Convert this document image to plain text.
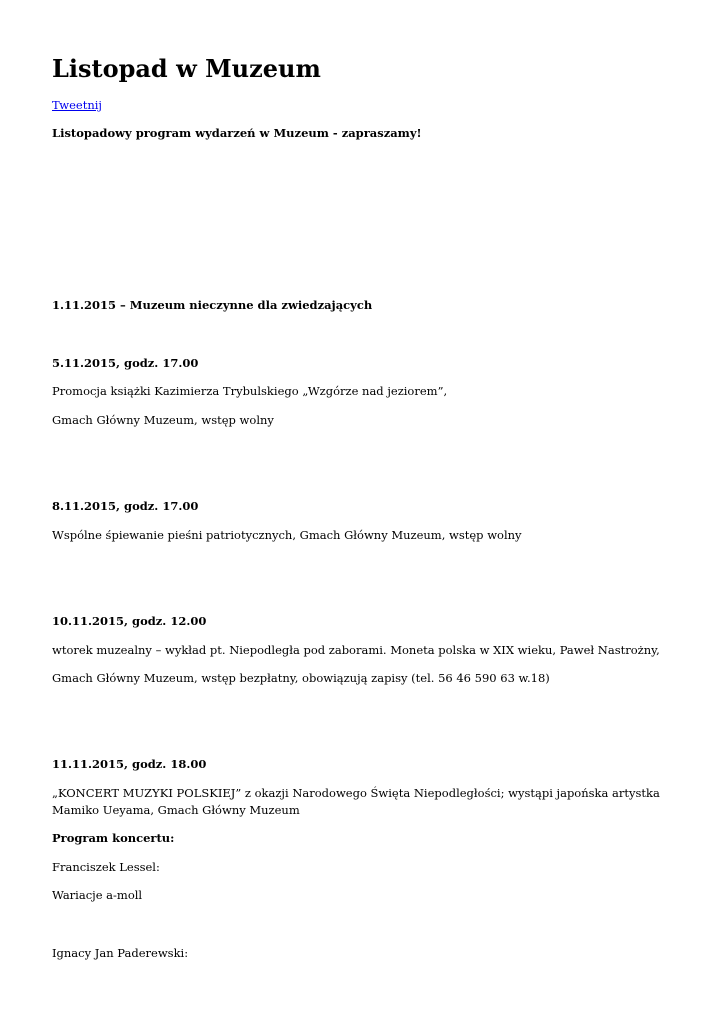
Listopad w Muzeum

Tweetnij

Listopadowy program wydarzeń w Muzeum - zapraszamy!

1.11.2015 – Muzeum nieczynne dla zwiedzających

5.11.2015, godz. 17.00

Promocja książki Kazimierza Trybulskiego „Wzgórze nad jeziorem”,

Gmach Główny Muzeum, wstęp wolny

8.11.2015, godz. 17.00

Wspólne śpiewanie pieśni patriotycznych, Gmach Główny Muzeum, wstęp wolny

10.11.2015, godz. 12.00

wtorek muzealny – wykład pt. Niepodległa pod zaborami. Moneta polska w XIX wieku, Paweł Nastrożny,

Gmach Główny Muzeum, wstęp bezpłatny, obowiązują zapisy (tel. 56 46 590 63 w.18)

11.11.2015, godz. 18.00

„KONCERT MUZYKI POLSKIEJ” z okazji Narodowego Święta Niepodległości; wystąpi japońska artystka Mamiko Ueyama, Gmach Główny Muzeum

Program koncertu:

Franciszek Lessel:

Wariacje a-moll

Ignacy Jan Paderewski:
